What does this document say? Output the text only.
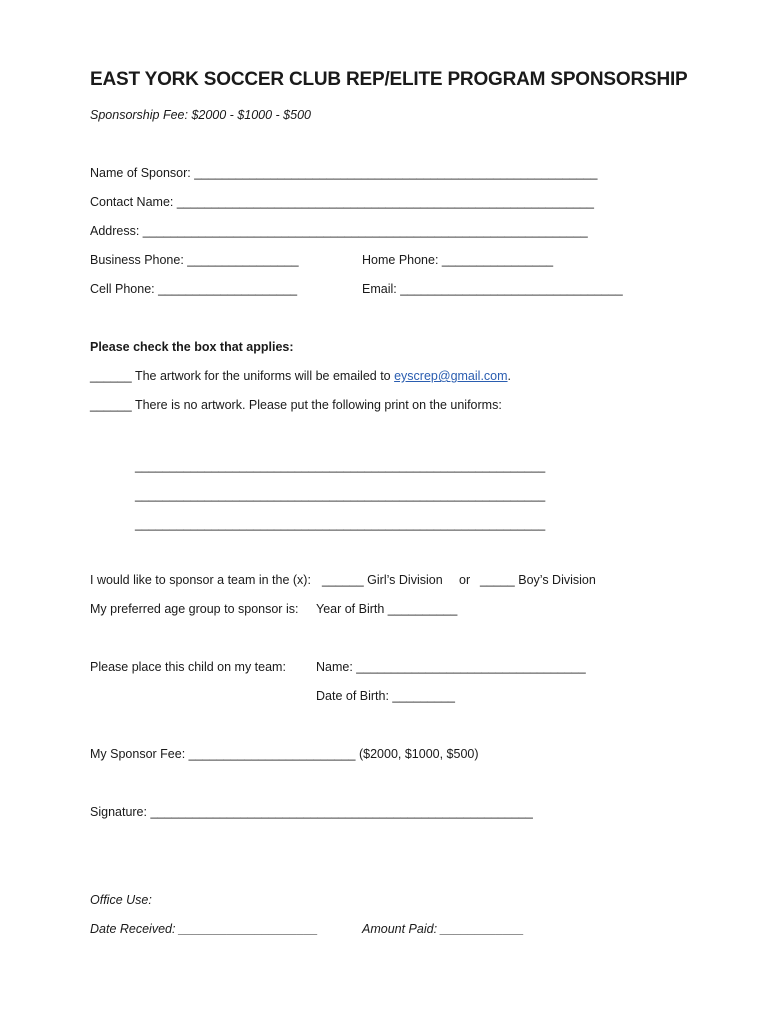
EAST YORK SOCCER CLUB REP/ELITE PROGRAM SPONSORSHIP
Sponsorship Fee: $2000 - $1000 - $500
Name of Sponsor: __________________________________________________________
Contact Name: ____________________________________________________________
Address: ________________________________________________________________
Business Phone: ________________	Home Phone: ________________
Cell Phone: ____________________	Email: ________________________________
Please check the box that applies:
______ The artwork for the uniforms will be emailed to eyscrep@gmail.com.
______ There is no artwork. Please put the following print on the uniforms:
___________________________________________________________
___________________________________________________________
___________________________________________________________
I would like to sponsor a team in the (x): ______ Girl’s Division or _____ Boy’s Division
My preferred age group to sponsor is: Year of Birth __________
Please place this child on my team: Name: _________________________________
Date of Birth: _________
My Sponsor Fee: ________________________ ($2000, $1000, $500)
Signature: _______________________________________________________
Office Use:
Date Received: ____________________	Amount Paid: ____________
